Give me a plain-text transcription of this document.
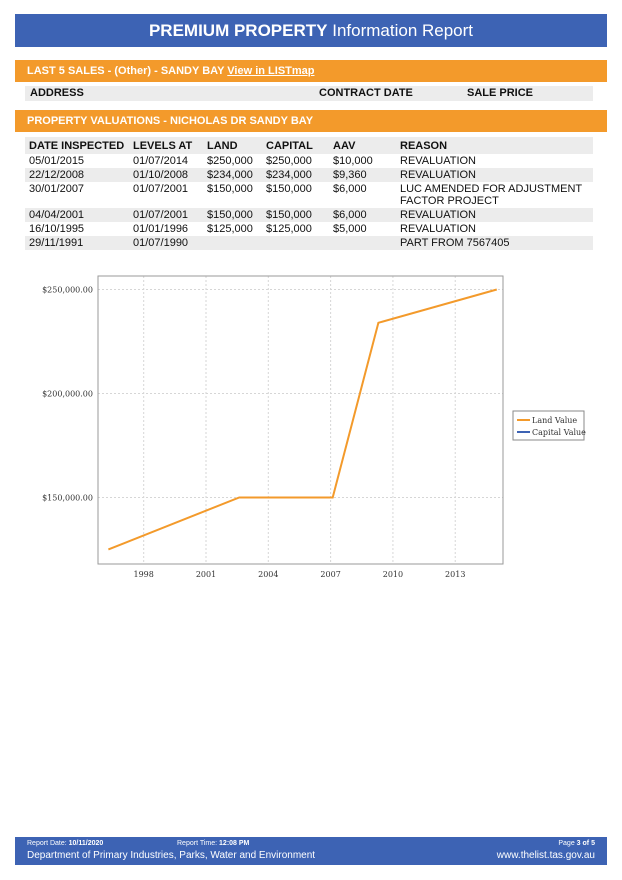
PREMIUM PROPERTY Information Report
LAST 5 SALES - (Other) - SANDY BAY View in LISTmap
ADDRESS	CONTRACT DATE	SALE PRICE
PROPERTY VALUATIONS - NICHOLAS DR SANDY BAY
DATE INSPECTED	LEVELS AT	LAND	CAPITAL	AAV	REASON
05/01/2015	01/07/2014	$250,000	$250,000	$10,000	REVALUATION
22/12/2008	01/10/2008	$234,000	$234,000	$9,360	REVALUATION
30/01/2007	01/07/2001	$150,000	$150,000	$6,000	LUC AMENDED FOR ADJUSTMENT FACTOR PROJECT
04/04/2001	01/07/2001	$150,000	$150,000	$6,000	REVALUATION
16/10/1995	01/01/1996	$125,000	$125,000	$5,000	REVALUATION
29/11/1991	01/07/1990				PART FROM 7567405
1998	2001	2004	2007	2010	2013
$150,000.00
$200,000.00
$250,000.00
Land Value
Capital Value
Report Date: 10/11/2020	Report Time: 12:08 PM	Page 3 of 5
Department of Primary Industries, Parks, Water and Environment	www.thelist.tas.gov.au
